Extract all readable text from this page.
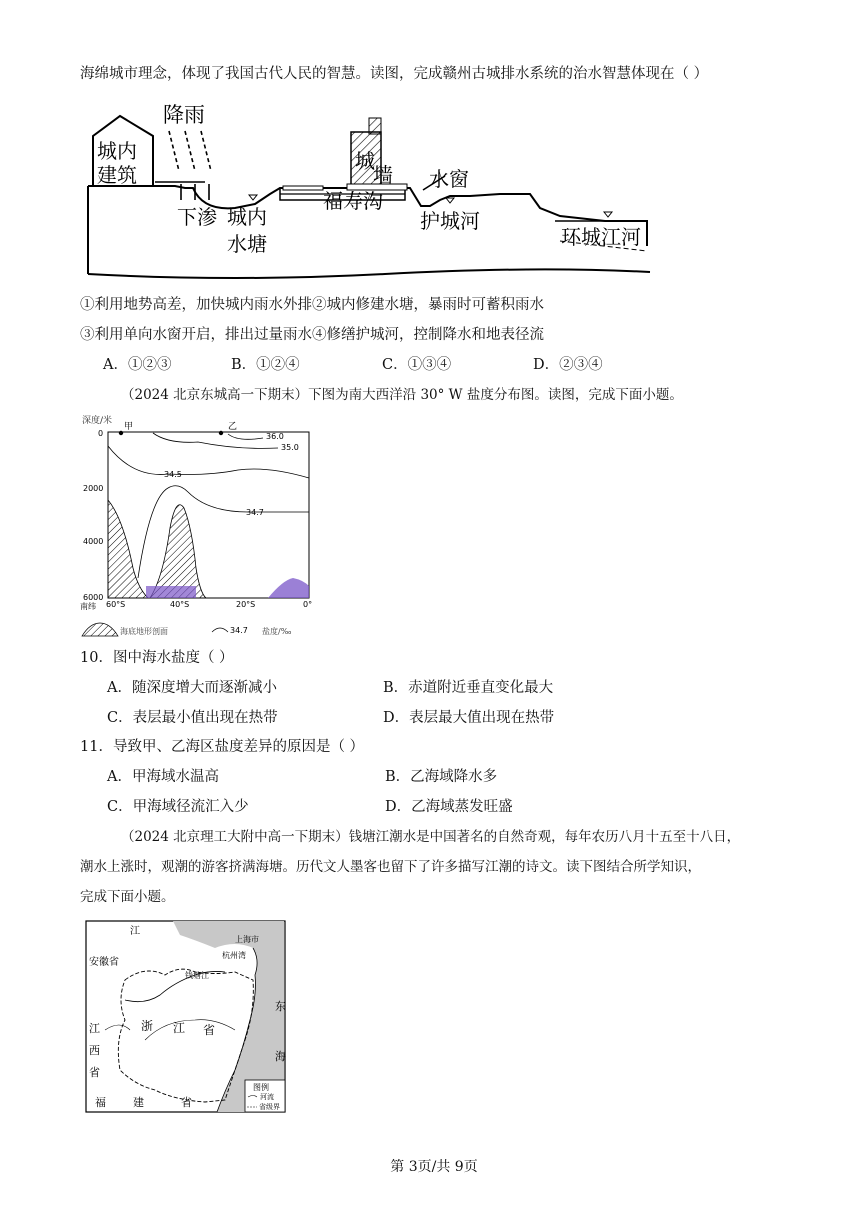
海绵城市理念，体现了我国古代人民的智慧。读图，完成赣州古城排水系统的治水智慧体现在（ ）
降雨
城内
建筑
下渗 城内
水塘
城
墙
福寿沟
水窗
护城河
环城江河
①利用地势高差，加快城内雨水外排②城内修建水塘，暴雨时可蓄积雨水
③利用单向水窗开启，排出过量雨水④修缮护城河，控制降水和地表径流
A．①②③	B．①②④	C．①③④	D．②③④
（2024 北京东城高一下期末）下图为南大西洋沿 30° W 盐度分布图。读图，完成下面小题。
深度/米
0
2000
4000
6000
甲	乙
36.0
35.0
34.5
34.7
南纬 60°S	40°S	20°S	0°
海底地形剖面	34.7 盐度/‰
10．图中海水盐度（ ）
A．随深度增大而逐渐减小	B．赤道附近垂直变化最大
C．表层最小值出现在热带	D．表层最大值出现在热带
11．导致甲、乙海区盐度差异的原因是（ ）
A．甲海域水温高	B．乙海域降水多
C．甲海域径流汇入少	D．乙海域蒸发旺盛
（2024 北京理工大附中高一下期末）钱塘江潮水是中国著名的自然奇观，每年农历八月十五至十八日，
潮水上涨时，观潮的游客挤满海塘。历代文人墨客也留下了许多描写江潮的诗文。读下图结合所学知识，
完成下面小题。
江
上海市
安徽省
杭州湾
钱塘江
浙 江 省
江
西
省
福 建	省
东
海
图例
河流
省级界
第 3页/共 9页
